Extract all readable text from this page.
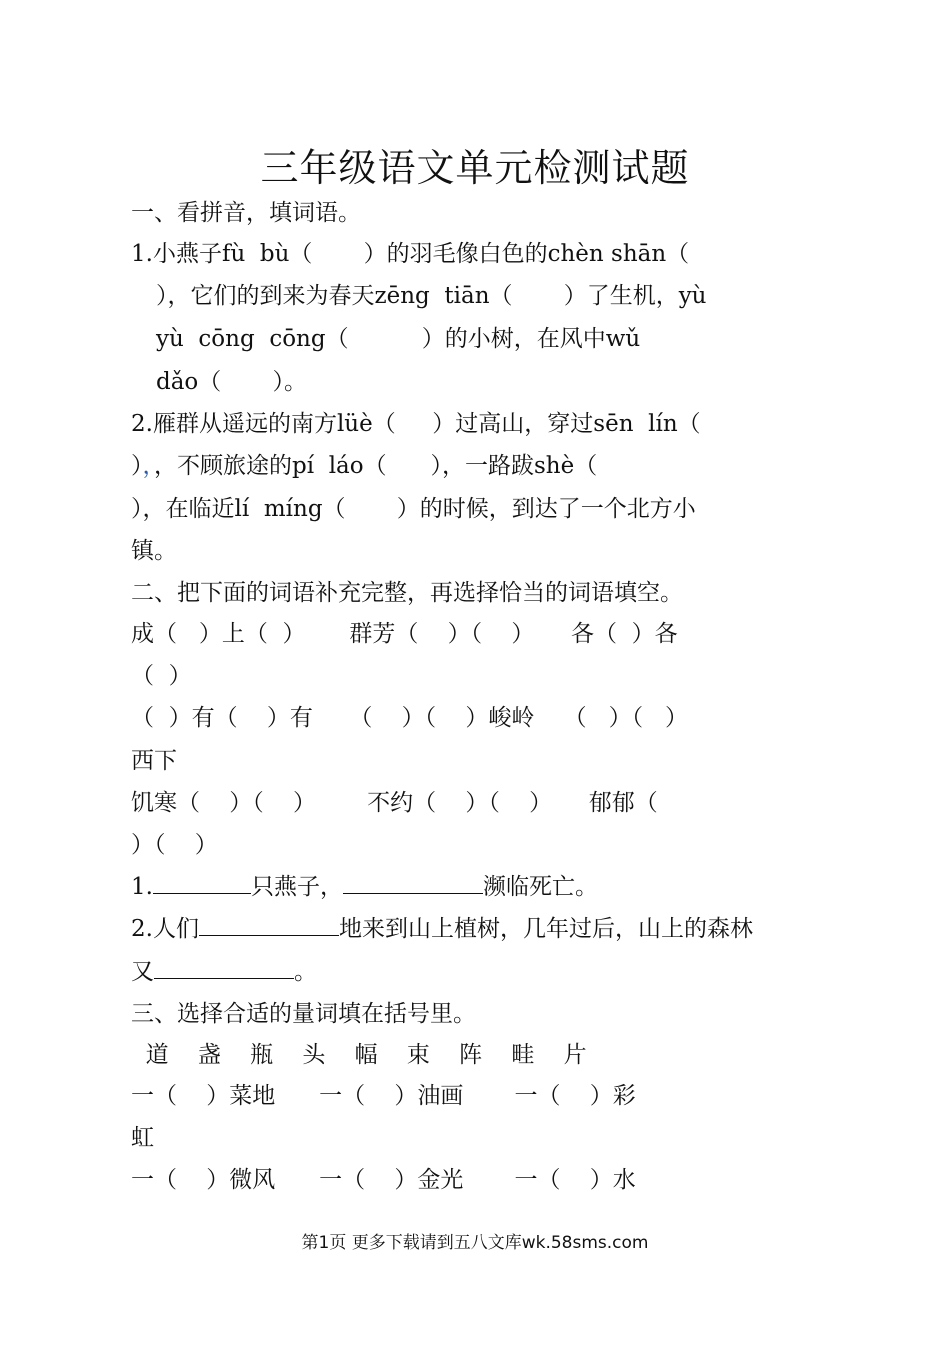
三年级语文单元检测试题
一、看拼音，填词语。
1.小燕子fù  bù（       ）的羽毛像白色的chèn shān（
），它们的到来为春天zēng  tiān（       ）了生机，yù
yù  cōng  cōng（          ）的小树，在风中wǔ
dǎo（       ）。
2.雁群从遥远的南方lüè（     ）过高山，穿过sēn  lín（
），，不顾旅途的pí  láo（      ），一路跋shè（
），在临近lí  míng（       ）的时候，到达了一个北方小
镇。
二、把下面的词语补充完整，再选择恰当的词语填空。
成（   ）上（  ）      群芳（    ）（    ）     各（  ）各
（  ）
（  ）有（    ）有     （    ）（    ）峻岭    （   ）（   ）
西下
饥寒（    ）（    ）       不约（    ）（    ）     郁郁（
）（    ）
1.	只燕子，	濒临死亡。
2.人们	地来到山上植树，几年过后，山上的森林
又	。
三、选择合适的量词填在括号里。
道    盏    瓶    头    幅    束    阵    畦    片
一（    ）菜地      一（    ）油画       一（    ）彩
虹
一（    ）微风      一（    ）金光       一（    ）水
第1页 更多下载请到五八文库wk.58sms.com
